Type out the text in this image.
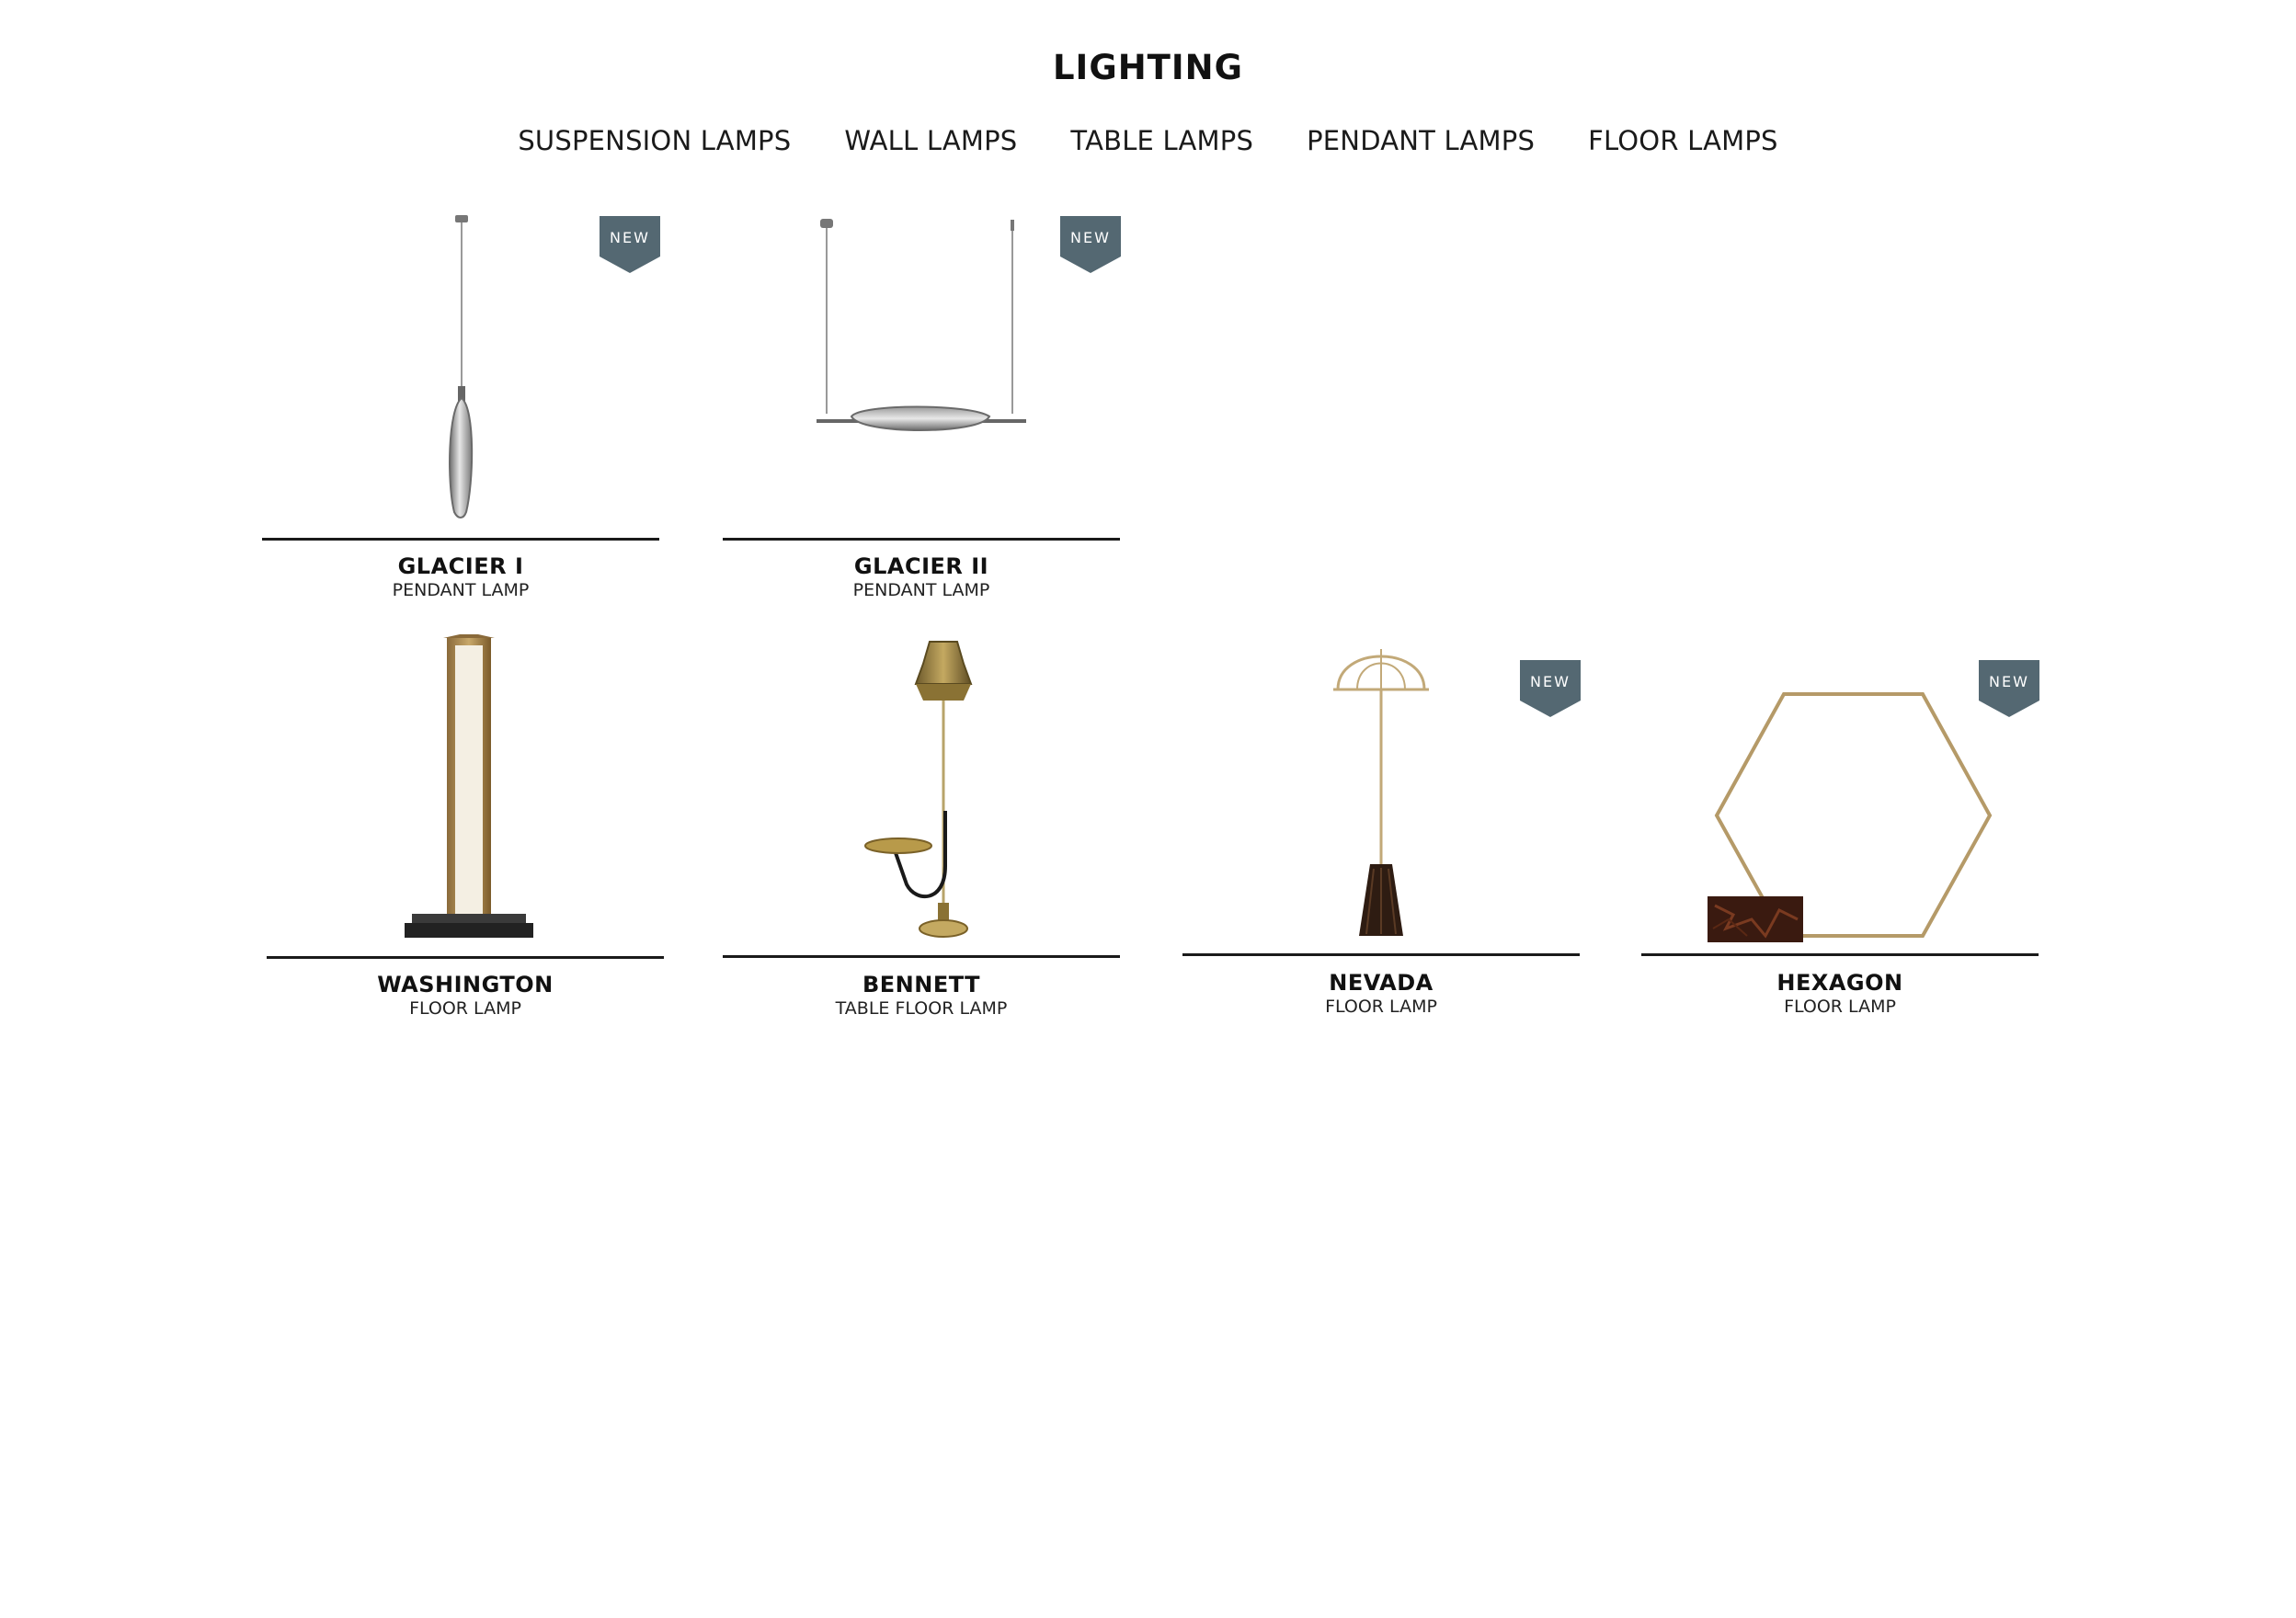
LIGHTING
SUSPENSION LAMPS WALL LAMPS TABLE LAMPS PENDANT LAMPS FLOOR LAMPS
NEW
GLACIER I
PENDANT LAMP
NEW
GLACIER II
PENDANT LAMP
WASHINGTON
FLOOR LAMP
BENNETT
TABLE FLOOR LAMP
NEW
NEVADA
FLOOR LAMP
NEW
HEXAGON
FLOOR LAMP
